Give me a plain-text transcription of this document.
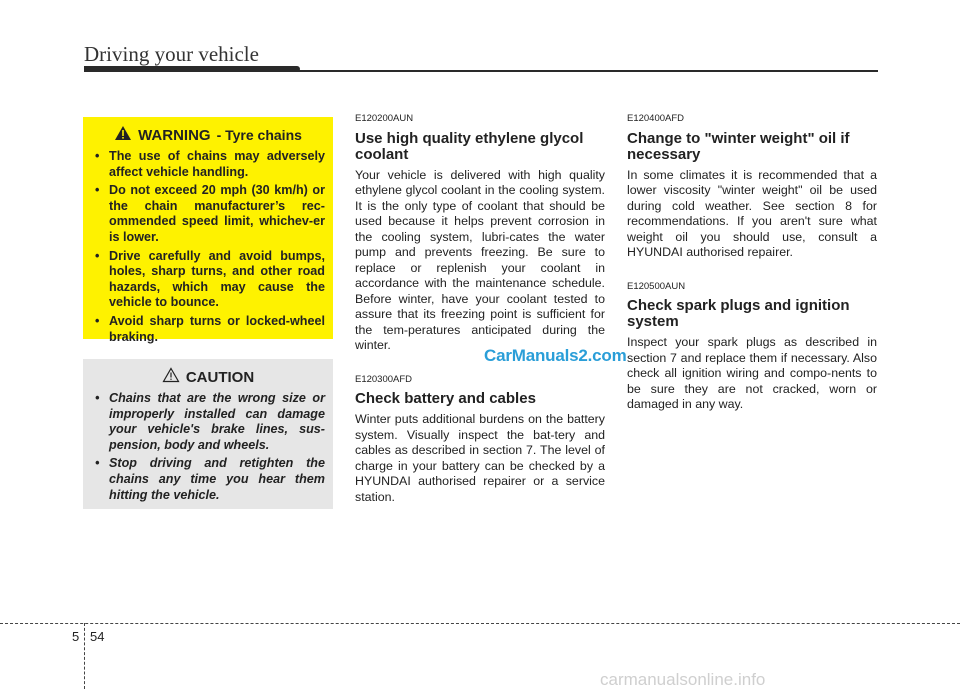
Driving your vehicle
WARNING - Tyre chains
• The use of chains may adversely affect vehicle handling.
• Do not exceed 20 mph (30 km/h) or the chain manufacturer’s rec-ommended speed limit, whichev-er is lower.
• Drive carefully and avoid bumps, holes, sharp turns, and other road hazards, which may cause the vehicle to bounce.
• Avoid sharp turns or locked-wheel braking.
CAUTION
• Chains that are the wrong size or improperly installed can damage your vehicle's brake lines, sus-pension, body and wheels.
• Stop driving and retighten the chains any time you hear them hitting the vehicle.
E120200AUN
Use high quality ethylene glycol coolant

Your vehicle is delivered with high quality ethylene glycol coolant in the cooling system. It is the only type of coolant that should be used because it helps prevent corrosion in the cooling system, lubri-cates the water pump and prevents freezing. Be sure to replace or replenish your coolant in accordance with the maintenance schedule. Before winter, have your coolant tested to assure that its freezing point is sufficient for the tem-peratures anticipated during the winter.

E120300AFD
Check battery and cables

Winter puts additional burdens on the battery system. Visually inspect the bat-tery and cables as described in section 7. The level of charge in your battery can be checked by a HYUNDAI authorised repairer or a service station.

E120400AFD
Change to "winter weight" oil if necessary

In some climates it is recommended that a lower viscosity "winter weight" oil be used during cold weather. See section 8 for recommendations. If you aren't sure what weight oil you should use, consult a HYUNDAI authorised repairer.

E120500AUN
Check spark plugs and ignition system

Inspect your spark plugs as described in section 7 and replace them if necessary. Also check all ignition wiring and compo-nents to be sure they are not cracked, worn or damaged in any way.

CarManuals2.com
5 54
carmanualsonline.info
